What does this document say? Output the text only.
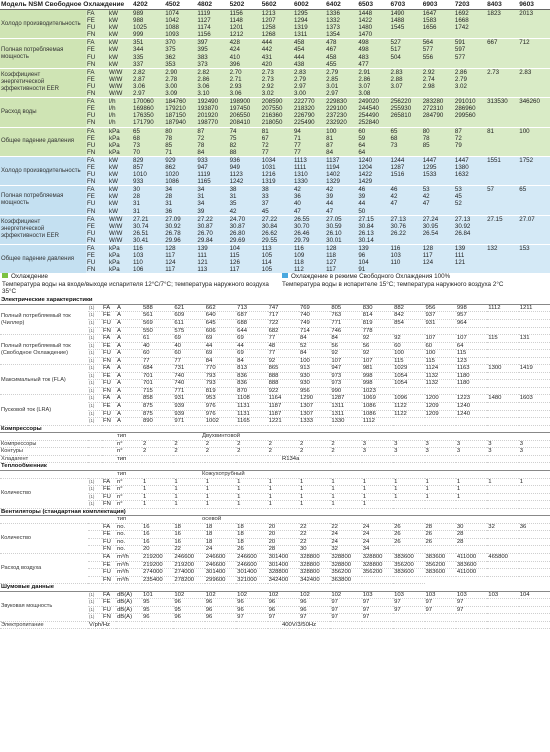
Модель NSM Свободное Охлаждение			4202	4502	4802	5202	5602	6002	6402	6503	6703	6903	7203	8403	9603
Холодо производительность	FA	kW	989	1074	1119	1156	1213	1295	1336	1448	1490	1647	1692	1823	2013
	FE	kW	988	1042	1127	1148	1207	1294	1332	1422	1488	1583	1668		
	FU	kW	1025	1088	1174	1201	1258	1319	1373	1480	1545	1656	1742		
	FN	kW	999	1093	1156	1212	1268	1311	1354	1470					
Полная потребляемая мощность	FA	kW	351	370	397	428	444	458	478	498	527	564	591	667	712
	FE	kW	344	375	395	424	442	454	467	498	517	577	597		
	FU	kW	335	362	383	410	431	444	458	483	504	556	577		
	FN	kW	337	353	373	396	420	438	455	477					
Коэффициент энергетической эффективности EER	FA	W/W	2.82	2.90	2.82	2.70	2.73	2.83	2.79	2.91	2.83	2.92	2.86	2.73	2.83
	FE	W/W	2.87	2.78	2.86	2.71	2.73	2.79	2.85	2.86	2.88	2.74	2.79		
	FU	W/W	3.06	3.00	3.06	2.93	2.92	2.97	3.01	3.07	3.07	2.98	3.02		
	FN	W/W	2.97	3.09	3.10	3.06	3.02	3.00	2.97	3.08					
Расход воды	FA	l/h	170060	184760	192490	198900	208590	222770	229830	249020	256220	283280	291010	313530	346260
	FE	l/h	169860	179210	193870	197450	207550	218320	229100	244540	255930	272310	286960		
	FU	l/h	176350	187150	201920	206550	216360	226790	237230	254490	265810	284790	299560		
	FN	l/h	171790	187940	198770	208410	218050	225490	232920	252840					
Общее падение давления	FA	kPa	65	80	87	74	81	94	100	60	65	80	87	81	100
	FE	kPa	68	78	72	75	67	71	81	59	68	78	72		
	FU	kPa	73	85	78	82	72	77	87	64	73	85	79		
	FN	kPa	70	71	84	88	77	77	84	64					
Холодо производительность	FA	kW	829	929	933	936	1034	1113	1137	1240	1244	1447	1447	1551	1752
	FE	kW	857	862	947	949	1031	1111	1194	1204	1287	1295	1380		
	FU	kW	1010	1020	1119	1123	1216	1310	1402	1422	1516	1533	1632		
	FN	kW	933	1086	1165	1242	1319	1330	1329	1429					
Полная потребляемая мощность	FA	kW	30	34	34	38	38	42	42	46	46	53	53	57	65
	FE	kW	28	28	31	31	33	36	39	39	42	42	45		
	FU	kW	31	31	34	35	37	40	44	44	47	47	52		
	FN	kW	31	36	39	42	45	47	47	50					
Коэффициент энергетической эффективности EER	FA	W/W	27.21	27.09	27.22	24.70	27.22	26.55	27.05	27.15	27.13	27.24	27.13	27.15	27.07
	FE	W/W	30.74	30.92	30.87	30.87	30.84	30.70	30.59	30.84	30.76	30.95	30.92		
	FU	W/W	26.51	26.78	26.70	26.80	26.62	26.46	26.10	26.13	26.22	26.54	26.84		
	FN	W/W	30.41	29.96	29.84	29.69	29.55	29.79	30.01	30.14					
Общее падение давления	FA	kPa	116	128	139	104	113	116	128	139	116	128	139	132	153
	FE	kPa	103	117	111	115	105	109	118	96	103	117	111		
	FU	kPa	110	124	121	126	114	118	127	104	110	124	121		
	FN	kPa	106	117	113	117	105	112	117	91					
Охлаждение
Температура воды на входе/выходе испарителя 12°C/7°C; температура наружного воздуха 35°C
Охлаждение в режиме Свободного Охлаждения 100%
Температура воды в испарителе 15°C; температура наружного воздуха 2°C
Электрические характеристики																
Полный потребляемый ток (Чиллер)	(1)	FA	A	588	621	662	713	747	769	805	830	882	956	998	1112	1211
	(1)	FE	A	561	609	640	687	717	740	763	814	842	937	957		
	(1)	FU	A	569	611	645	688	722	749	771	819	854	931	964		
	(1)	FN	A	550	575	606	644	682	714	746	778					
Полный потребляемый ток (Свободное Охлаждение)	(1)	FA	A	61	69	69	69	77	84	84	92	92	107	107	115	131
	(1)	FE	A	40	40	44	44	48	52	56	56	60	60	64		
	(1)	FU	A	60	60	69	69	77	84	92	92	100	100	115		
	(1)	FN	A	77	77	84	84	92	100	107	107	115	115	123		
Максимальный ток (FLA)	(1)	FA	A	684	731	770	813	865	913	947	981	1029	1124	1163	1300	1419
	(1)	FE	A	701	740	793	836	888	930	973	998	1054	1132	1180		
	(1)	FU	A	701	740	793	836	888	930	973	998	1054	1132	1180		
	(1)	FN	A	715	771	819	870	922	956	990	1023					
Пусковой ток (LRA)	(1)	FA	A	858	931	953	1108	1164	1290	1287	1069	1096	1200	1223	1480	1603
	(1)	FE	A	875	939	976	1131	1187	1307	1311	1086	1122	1209	1240		
	(1)	FU	A	875	939	976	1131	1187	1307	1311	1086	1122	1209	1240		
	(1)	FN	A	890	971	1002	1165	1221	1333	1330	1112					
Компрессоры																
			тип	Двухвинтовой												
Компрессоры			n°	2	2	2	2	2	2	2	3	3	3	3	3	3
Контуры			n°	2	2	2	2	2	2	2	3	3	3	3	3	3
Хладагент			тип	R134a												
Теплообменник																
			тип	Кожухотрубный												
Количество	(1)	FA	n°	1	1	1	1	1	1	1	1	1	1	1	1	1
	(1)	FE	n°	1	1	1	1	1	1	1	1	1	1	1		
	(1)	FU	n°	1	1	1	1	1	1	1	1	1	1	1		
	(1)	FN	n°	1	1	1	1	1	1	1	1					
Вентиляторы (стандартная комплектация)																
			тип	осевой												
Количество		FA	no.	16	18	18	18	20	22	22	24	26	28	30	32	36
		FE	no.	16	16	18	18	20	22	24	24	26	26	28		
		FU	no.	16	16	18	18	20	22	24	24	26	26	28		
		FN	no.	20	22	24	26	28	30	32	34					
Расход воздуха		FA	m³/h	219200	246600	246600	246600	301400	328800	328800	328800	383600	383600	411000	465800	
		FE	m³/h	219200	219200	246600	246600	301400	328800	328800	328800	356200	356200	383600		
		FU	m³/h	274000	274000	301400	301400	328800	328800	356200	356200	383600	383600	411000		
		FN	m³/h	235400	278200	299600	321000	342400	342400	363800						
Шумовые данные																
Звуковая мощность	(1)	FA	dB(A)	101	102	102	102	102	102	102	103	103	103	103	103	104
	(1)	FE	dB(A)	95	96	96	96	96	96	97	97	97	97	97		
	(1)	FU	dB(A)	95	95	96	96	96	96	97	97	97	97	97		
	(1)	FN	dB(A)	96	96	96	97	97	97	97	97					
Электропитание	V/ph/Hz			400V/3/50Hz												
